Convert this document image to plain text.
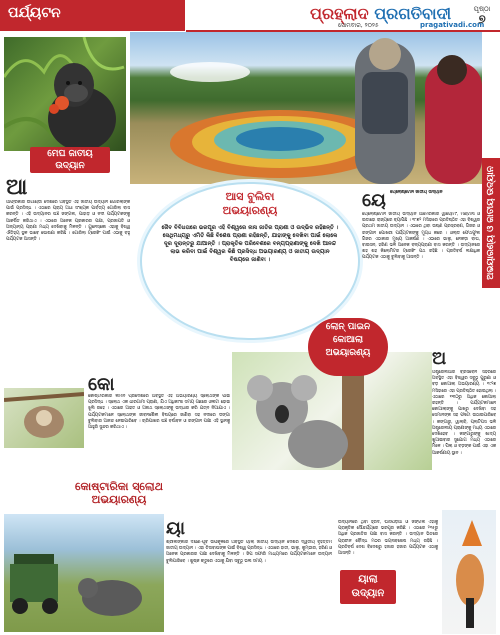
ପର୍ଯ୍ୟଟନ	ପ୍ରହ୍ଲାଦ ପ୍ରଗତିବାଦୀ
ସୋମବାର, ୨୦୨୫	pragativadi.com
ପୃଷ୍ଠା
୭
ମେଘ ଜାତୀୟ
ଉଦ୍ୟାନ
ଆ
ଆଫ୍ରିକାର ଉଗାଣ୍ଡା ଦେଶରେ ଅବସ୍ଥିତ ଏହି ଜାତୀୟ ଉଦ୍ୟାନ ଗୋରିଲାଙ୍କ ପାଇଁ ପ୍ରସିଦ୍ଧ । ଏଠାରେ ପ୍ରାୟ ଅଧା ସଂଖ୍ୟକ ପାର୍ବତ୍ୟ ଗୋରିଲା ବାସ କରନ୍ତି । ଏହି ଉଦ୍ୟାନର ଘଞ୍ଚ ଜଙ୍ଗଲ, ପାହାଡ଼ ଓ ନଦୀ ପର୍ଯ୍ୟଟକଙ୍କୁ ଆକର୍ଷିତ କରିଥାଏ । ଏଠାରେ ଅନେକ ପ୍ରକାରର ପକ୍ଷୀ, ପ୍ରଜାପତି ଓ ଅନ୍ୟାନ୍ୟ ପ୍ରାଣୀ ମଧ୍ୟ ଦେଖିବାକୁ ମିଳନ୍ତି । ୟୁନେସ୍କୋ ଏହାକୁ ବିଶ୍ୱ ଐତିହ୍ୟ ସ୍ଥଳ ଭାବେ ଘୋଷଣା କରିଛି । ଗୋରିଲା ଟ୍ରେକିଂ ପାଇଁ ଏଠାକୁ ବହୁ ପର୍ଯ୍ୟଟକ ଆସନ୍ତି ।	ଅଭୟାରଣ୍ୟ ଓ ଜାତୀୟ ଉଦ୍ୟାନ
ଆସ ବୁଲିବା
ଅଭୟାରଣ୍ୟ
ଜୈବ ବିବିଧତାରେ ଭରପୂର ଏହି ବିଶ୍ୱରେ ନାନା ଜାତିର ପ୍ରାଣୀ ଓ ଉଦ୍ଭିଦ ରହିଛନ୍ତି । ସେଥିମଧ୍ୟରୁ ଏମିତି କିଛି ବିଶେଷ ପ୍ରାଣୀ ରହିଛନ୍ତି, ଯାହାଙ୍କୁ ଦେଖିବା ପାଇଁ ଲୋକେ ଦୂର ଦୂରାନ୍ତରୁ ଯାଆନ୍ତି । ପ୍ରାକୃତିକ ପରିବେଶରେ ବନ୍ୟପ୍ରାଣୀଙ୍କୁ ଦେଖି ଆନନ୍ଦ ଲାଭ କରିବା ପାଇଁ ବିଶ୍ୱର କିଛି ପ୍ରସିଦ୍ଧ ଅଭୟାରଣ୍ୟ ଓ ଜାତୀୟ ଉଦ୍ୟାନ ବିଷୟରେ ଜାଣିବା ।
ୟେ ୟେଲୋଷ୍ଟୋନ ଜାତୀୟ ଉଦ୍ୟାନ
ୟେଲୋଷ୍ଟୋନ ଜାତୀୟ ଉଦ୍ୟାନ ଆମେରିକାର ୱାୟୋମିଂ, ମଣ୍ଟାନା ଓ ଇଡାହୋ ରାଜ୍ୟରେ ବ୍ୟାପିଛି । ୧୮୭୨ ମସିହାରେ ପ୍ରତିଷ୍ଠିତ ଏହା ବିଶ୍ୱର ପ୍ରଥମ ଜାତୀୟ ଉଦ୍ୟାନ । ଏଠାରେ ଥିବା ଉଷ୍ଣ ପ୍ରସ୍ରବଣ, ଗିଜର ଓ ରଙ୍ଗୀନ ପୋଖରୀ ପର୍ଯ୍ୟଟକଙ୍କୁ ମୁଗ୍ଧ କରେ । ଓଲ୍ଡ ଫେଥଫୁଲ ଗିଜର ଏଠାକାର ମୁଖ୍ୟ ଆକର୍ଷଣ । ଏଠାରେ ଭାଲୁ, ନେକଡ଼ା ବାଘ, ବାଇସନ, ହରିଣ ଭଳି ଅନେକ ବନ୍ୟପ୍ରାଣୀ ବାସ କରନ୍ତି । ଉଦ୍ୟାନରେ ଶହ ଶହ କିଲୋମିଟର ଟ୍ରେକିଂ ପଥ ରହିଛି । ପ୍ରତିବର୍ଷ ଲକ୍ଷାଧିକ ପର୍ଯ୍ୟଟକ ଏଠାକୁ ବୁଲିବାକୁ ଆସନ୍ତି ।
ଲୋନ୍ ପାଇନ
କୋଆଲା
ଅଭୟାରଣ୍ୟ	ଅ
ଅଷ୍ଟ୍ରେଲିଆର ବ୍ରିସବେନ ସହରରେ ଅବସ୍ଥିତ ଏହା ବିଶ୍ୱର ସବୁଠୁ ପୁରୁଣା ଓ ବଡ଼ କୋଆଲା ଅଭୟାରଣ୍ୟ । ୧୯୨୭ ମସିହାରେ ଏହା ପ୍ରତିଷ୍ଠିତ ହୋଇଥିଲା । ଏଠାରେ ୧୩୦ରୁ ଅଧିକ କୋଆଲା ରହନ୍ତି । ପର୍ଯ୍ୟଟକମାନେ କୋଆଲାଙ୍କୁ ପାଖରୁ ଦେଖିବା ସହ ସେମାନଙ୍କ ସହ ଫଟୋ ଉଠାଇପାରିବେ । କଙ୍ଗାରୁ, ୱାଲାବି, ପ୍ଲାଟିପସ ଭଳି ଅଷ୍ଟ୍ରେଲୀୟ ପ୍ରାଣୀଙ୍କୁ ମଧ୍ୟ ଏଠାରେ ଦେଖିହେବ । କଙ୍ଗାରୁଙ୍କୁ ଖାଦ୍ୟ ଖୁଆଇବାର ସୁଯୋଗ ମଧ୍ୟ ଏଠାରେ ମିଳେ । ପିଲା ଓ ବଡ଼ଙ୍କ ପାଇଁ ଏହା ଏକ ଆକର୍ଷଣୀୟ ସ୍ଥାନ ।
କୋ
କୋଷ୍ଟାରିକାର ଲିମନ ପ୍ରଦେଶରେ ଅବସ୍ଥିତ ଏହି ଅଭୟାରଣ୍ୟ ସ୍ଲୋଥଙ୍କ ପାଇଁ ପ୍ରସିଦ୍ଧ । ସ୍ଲୋଥ ଏକ ଧୀରଗାମୀ ପ୍ରାଣୀ, ଯିଏ ଅଧିକାଂଶ ସମୟ ଗଛରେ ଓଲଟା ହୋଇ ଝୁଲି ରହେ । ଏଠାରେ ଆହତ ଓ ଅନାଥ ସ୍ଲୋଥଙ୍କୁ ଉଦ୍ଧାର କରି ଯତ୍ନ ନିଆଯାଏ । ପର୍ଯ୍ୟଟକମାନେ ସ୍ଲୋଥଙ୍କ ଜୀବନଶୈଳୀ ବିଷୟରେ ଜାଣିବା ସହ ନଦୀରେ ଡଙ୍ଗା ବୁଲିବାର ଆନନ୍ଦ ନେଇପାରିବେ । ଚାରିପାଖର ଘଞ୍ଚ ବର୍ଷାବନ ଓ ରଙ୍ଗୀନ ପକ୍ଷୀ ଏହି ସ୍ଥାନକୁ ଆହୁରି ସୁନ୍ଦର କରିଥାଏ ।
କୋଷ୍ଟାରିକା ସ୍ଲୋଥ
ଅଭୟାରଣ୍ୟ
ୟା
ଶ୍ରୀଲଙ୍କାର ଦକ୍ଷିଣ-ପୂର୍ବ ଉପକୂଳରେ ଅବସ୍ଥିତ ୟାଲା ଜାତୀୟ ଉଦ୍ୟାନ ଦେଶର ଦ୍ୱିତୀୟ ବୃହତ୍ତମ ଜାତୀୟ ଉଦ୍ୟାନ । ଏହା ଚିତାବାଘଙ୍କ ପାଇଁ ବିଶ୍ୱ ପ୍ରସିଦ୍ଧ । ଏଠାରେ ହାତୀ, ଭାଲୁ, କୁମ୍ଭୀର, ହରିଣ ଓ ଅନେକ ପ୍ରକାରର ପକ୍ଷୀ ଦେଖିବାକୁ ମିଳନ୍ତି । ଜିପ ସଫାରି ମାଧ୍ୟମରେ ପର୍ଯ୍ୟଟକମାନେ ଉଦ୍ୟାନ ବୁଲିପାରିବେ । ଶୁଷ୍କ ଋତୁରେ ଏଠାକୁ ଯିବା ସବୁଠୁ ଭଲ ସମୟ ।
ୟାଲା
ଉଦ୍ୟାନ
ଉଦ୍ୟାନରେ ଥିବା ହ୍ରଦ, ଘାସପଡ଼ିଆ ଓ ଜଙ୍ଗଲ ଏହାକୁ ପ୍ରାକୃତିକ ସୌନ୍ଦର୍ଯ୍ୟରେ ଭରପୂର କରିଛି । ଏଠାରେ ୨୧୫ରୁ ଅଧିକ ପ୍ରଜାତିର ପକ୍ଷୀ ବାସ କରନ୍ତି । ଉଦ୍ୟାନ ଭିତରେ ପ୍ରାଚୀନ ବୌଦ୍ଧ ମଠର ଭଗ୍ନାବଶେଷ ମଧ୍ୟ ରହିଛି । ପ୍ରତିବର୍ଷ ଦେଶ ବିଦେଶରୁ ହଜାର ହଜାର ପର୍ଯ୍ୟଟକ ଏଠାକୁ ଆସନ୍ତି ।
